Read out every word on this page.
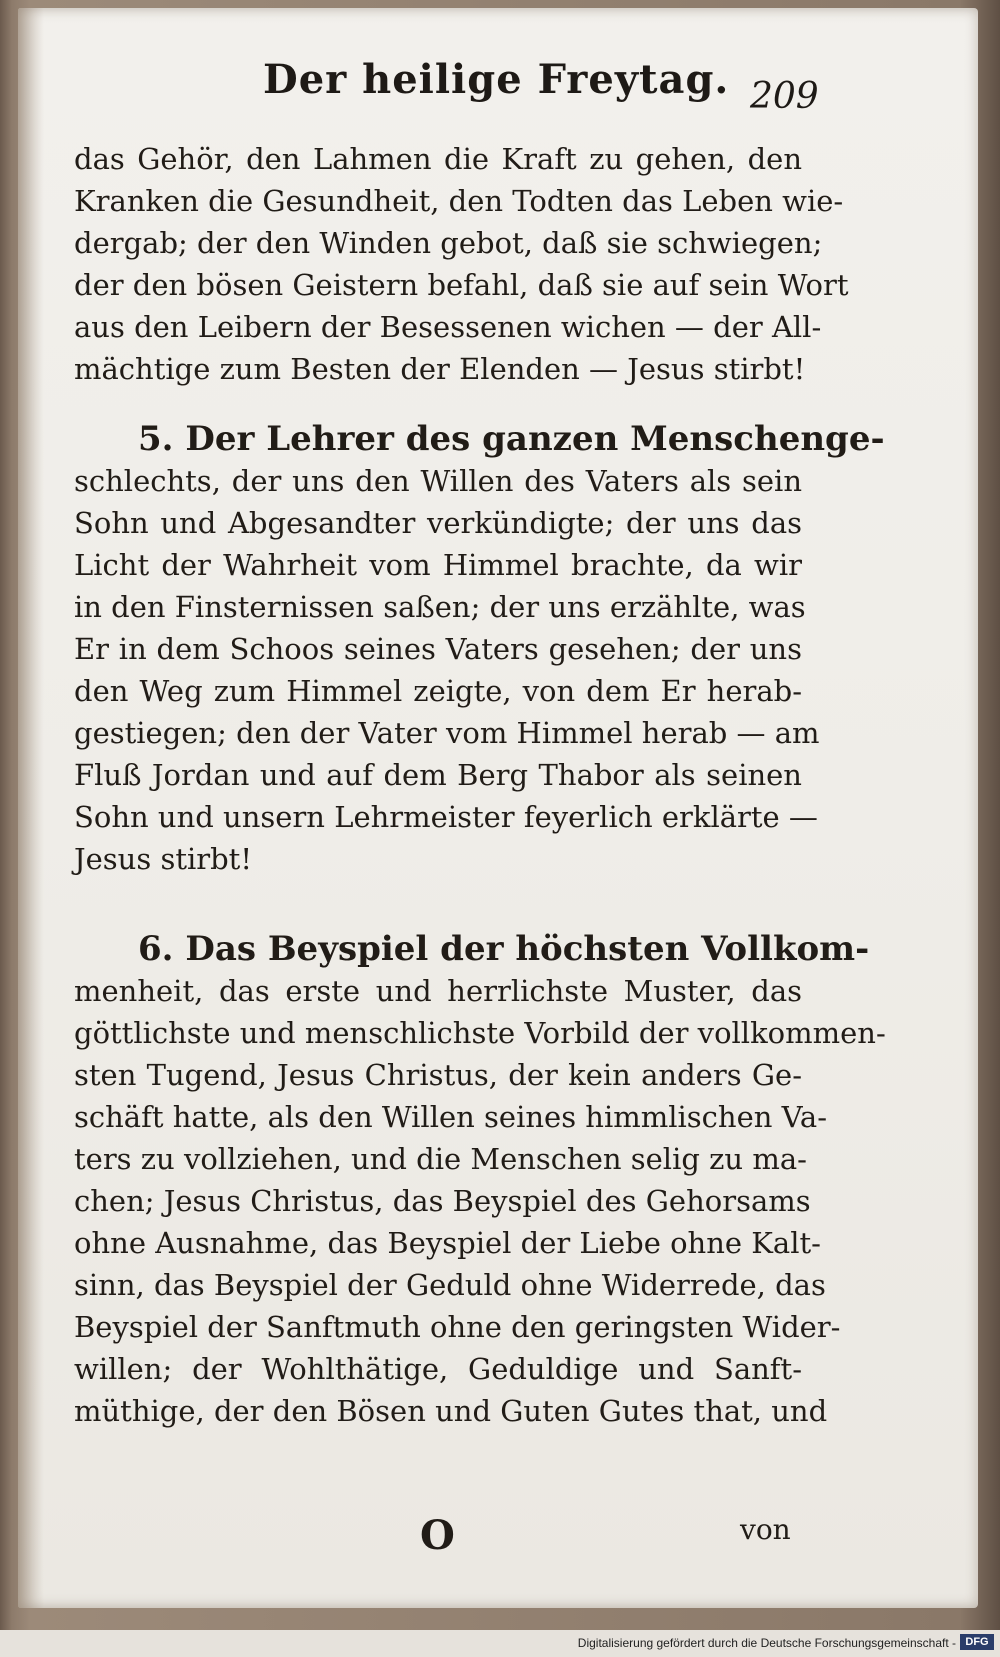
Der heilige Freytag. 209
das Gehör, den Lahmen die Kraft zu gehen, den
Kranken die Gesundheit, den Todten das Leben wie-
dergab; der den Winden gebot, daß sie schwiegen;
der den bösen Geistern befahl, daß sie auf sein Wort
aus den Leibern der Besessenen wichen — der All-
mächtige zum Besten der Elenden — Jesus stirbt!
5. Der Lehrer des ganzen Menschenge-
schlechts, der uns den Willen des Vaters als sein
Sohn und Abgesandter verkündigte; der uns das
Licht der Wahrheit vom Himmel brachte, da wir
in den Finsternissen saßen; der uns erzählte, was
Er in dem Schoos seines Vaters gesehen; der uns
den Weg zum Himmel zeigte, von dem Er herab-
gestiegen; den der Vater vom Himmel herab — am
Fluß Jordan und auf dem Berg Thabor als seinen
Sohn und unsern Lehrmeister feyerlich erklärte —
Jesus stirbt!
6. Das Beyspiel der höchsten Vollkom-
menheit, das erste und herrlichste Muster, das
göttlichste und menschlichste Vorbild der vollkommen-
sten Tugend, Jesus Christus, der kein anders Ge-
schäft hatte, als den Willen seines himmlischen Va-
ters zu vollziehen, und die Menschen selig zu ma-
chen; Jesus Christus, das Beyspiel des Gehorsams
ohne Ausnahme, das Beyspiel der Liebe ohne Kalt-
sinn, das Beyspiel der Geduld ohne Widerrede, das
Beyspiel der Sanftmuth ohne den geringsten Wider-
willen; der Wohlthätige, Geduldige und Sanft-
müthige, der den Bösen und Guten Gutes that, und
O	von
Digitalisierung gefördert durch die Deutsche Forschungsgemeinschaft - DFG
